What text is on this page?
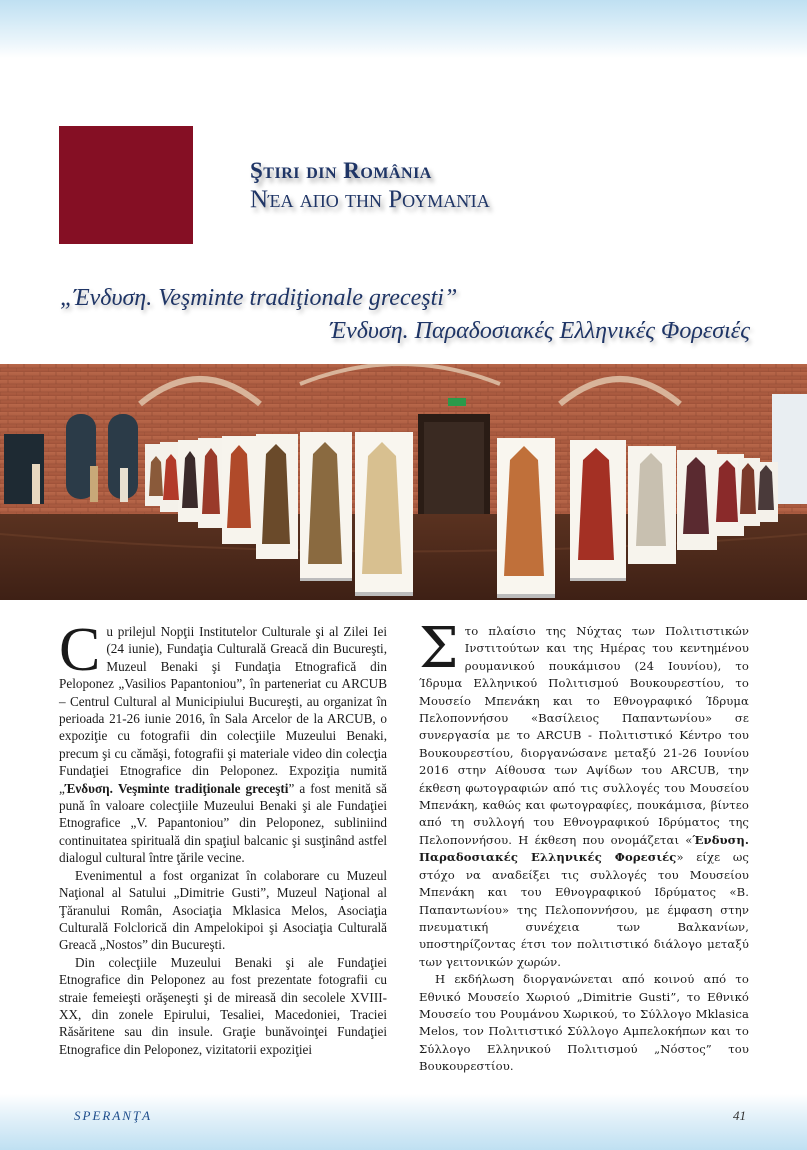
Ştiri din România
Νέα απο την Ρουμανία
„Ένδυση. Veşminte tradiţionale greceşti”
Ένδυση. Παραδοσιακές Ελληνικές Φορεσιές

Cu prilejul Nopţii Institutelor Culturale şi al Zilei Iei (24 iunie), Fundaţia Culturală Greacă din Bucureşti, Muzeul Benaki şi Fundaţia Etnografică din Peloponez „Vasilios Papantoniou”, în parteneriat cu ARCUB – Centrul Cultural al Municipiului Bucureşti, au organizat în perioada 21-26 iunie 2016, în Sala Arcelor de la ARCUB, o expoziţie cu fotografii din colecţiile Muzeului Benaki, precum şi cu cămăşi, fotografii şi materiale video din colecţia Fundaţiei Etnografice din Peloponez. Expoziţia numită „Ένδυση. Veşminte tradiţionale greceşti” a fost menită să pună în valoare colecţiile Muzeului Benaki şi ale Fundaţiei Etnografice „V. Papantoniou” din Peloponez, subliniind continuitatea spirituală din spaţiul balcanic şi susţinând astfel dialogul cultural între ţările vecine.

Evenimentul a fost organizat în colaborare cu Muzeul Naţional al Satului „Dimitrie Gusti”, Muzeul Naţional al Ţăranului Român, Asociaţia Mklasica Melos, Asociaţia Culturală Folclorică din Ampelokipoi şi Asociaţia Culturală Greacă „Nostos” din Bucureşti.

Din colecţiile Muzeului Benaki şi ale Fundaţiei Etnografice din Peloponez au fost prezentate fotografii cu straie femeieşti orăşeneşti şi de mireasă din secolele XVIII-XX, din zonele Epirului, Tesaliei, Macedoniei, Traciei Răsăritene sau din insule. Graţie bunăvoinţei Fundaţiei Etnografice din Peloponez, vizitatorii expoziţiei

Στο πλαίσιο της Νύχτας των Πολιτιστικών Ινστιτούτων και της Ημέρας του κεντημένου ρουμανικού πουκάμισου (24 Ιουνίου), το Ίδρυμα Ελληνικού Πολιτισμού Βουκουρεστίου, το Μουσείο Μπενάκη και το Εθνογραφικό Ίδρυμα Πελοποννήσου «Βασίλειος Παπαντωνίου» σε συνεργασία με το ARCUB - Πολιτιστικό Κέντρο του Βουκουρεστίου, διοργανώσανε μεταξύ 21-26 Ιουνίου 2016 στην Αίθουσα των Αψίδων του ARCUB, την έκθεση φωτογραφιών από τις συλλογές του Μουσείου Μπενάκη, καθώς και φωτογραφίες, πουκάμισα, βίντεο από τη συλλογή του Εθνογραφικού Ιδρύματος της Πελοποννήσου. Η έκθεση που ονομάζεται «Ένδυση. Παραδοσιακές Ελληνικές Φορεσιές» είχε ως στόχο να αναδείξει τις συλλογές του Μουσείου Μπενάκη και του Εθνογραφικού Ιδρύματος «Β. Παπαντωνίου» της Πελοποννήσου, με έμφαση στην πνευματική συνέχεια των Βαλκανίων, υποστηρίζοντας έτσι τον πολιτιστικό διάλογο μεταξύ των γειτονικών χωρών.

Η εκδήλωση διοργανώνεται από κοινού από το Εθνικό Μουσείο Χωριού „Dimitrie Gusti”, το Εθνικό Μουσείο του Ρουμάνου Χωρικού, το Σύλλογο Mklasica Melos, τον Πολιτιστικό Σύλλογο Αμπελοκήπων και το Σύλλογο Ελληνικού Πολιτισμού „Νόστος” του Βουκουρεστίου.

SPERANŢA	41
